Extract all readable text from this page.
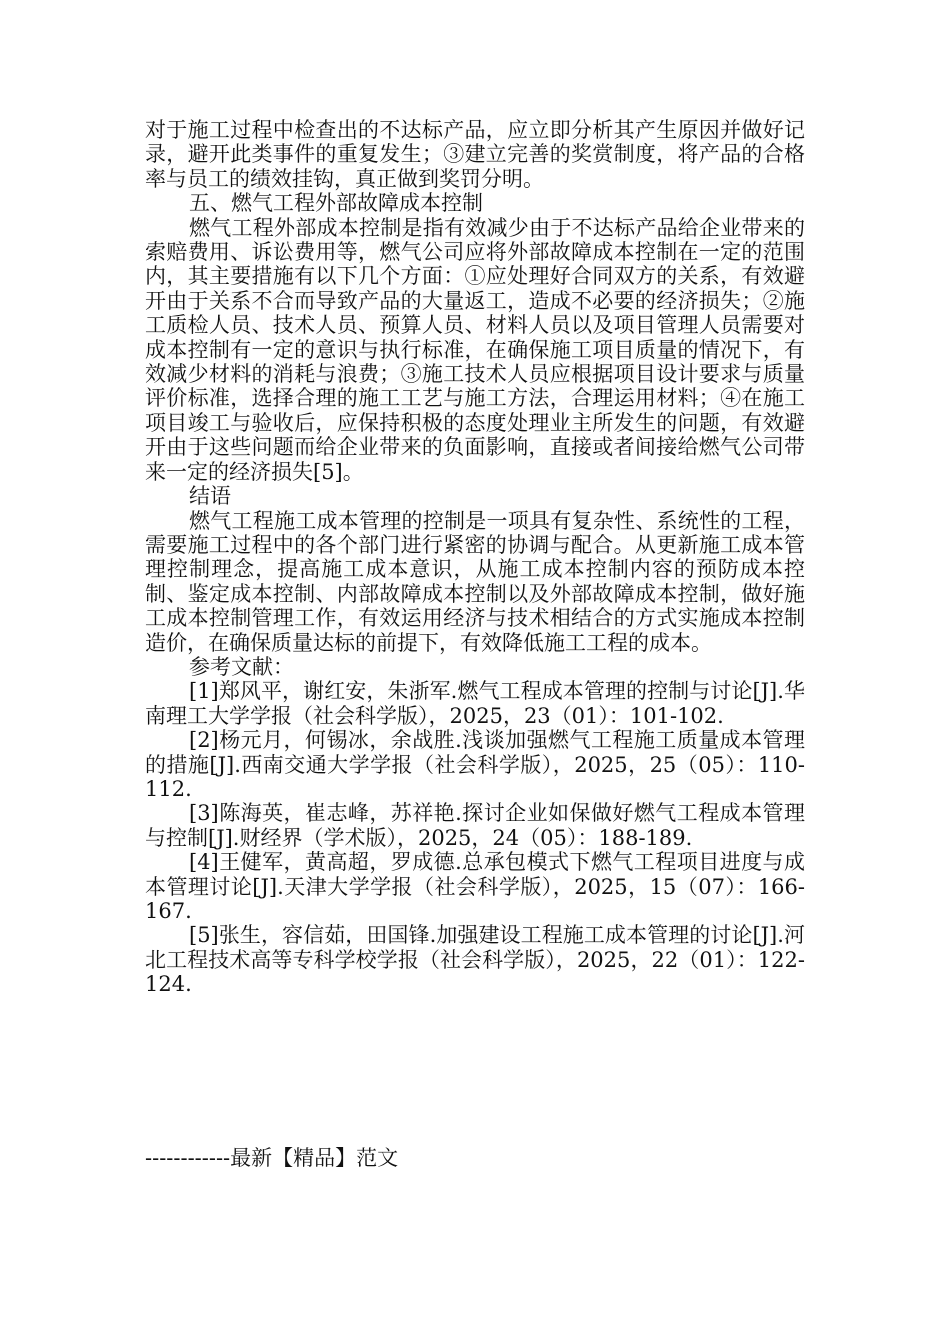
对于施工过程中检查出的不达标产品，应立即分析其产生原因并做好记录，避开此类事件的重复发生；③建立完善的奖赏制度，将产品的合格率与员工的绩效挂钩，真正做到奖罚分明。

五、燃气工程外部故障成本控制

燃气工程外部成本控制是指有效减少由于不达标产品给企业带来的索赔费用、诉讼费用等，燃气公司应将外部故障成本控制在一定的范围内，其主要措施有以下几个方面：①应处理好合同双方的关系，有效避开由于关系不合而导致产品的大量返工，造成不必要的经济损失；②施工质检人员、技术人员、预算人员、材料人员以及项目管理人员需要对成本控制有一定的意识与执行标准，在确保施工项目质量的情况下，有效减少材料的消耗与浪费；③施工技术人员应根据项目设计要求与质量评价标准，选择合理的施工工艺与施工方法，合理运用材料；④在施工项目竣工与验收后，应保持积极的态度处理业主所发生的问题，有效避开由于这些问题而给企业带来的负面影响，直接或者间接给燃气公司带来一定的经济损失[5]。

结语

燃气工程施工成本管理的控制是一项具有复杂性、系统性的工程，需要施工过程中的各个部门进行紧密的协调与配合。从更新施工成本管理控制理念，提高施工成本意识，从施工成本控制内容的预防成本控制、鉴定成本控制、内部故障成本控制以及外部故障成本控制，做好施工成本控制管理工作，有效运用经济与技术相结合的方式实施成本控制造价，在确保质量达标的前提下，有效降低施工工程的成本。

参考文献：

[1]郑风平，谢红安，朱浙军.燃气工程成本管理的控制与讨论[J].华南理工大学学报（社会科学版），2025，23（01）：101-102.

[2]杨元月，何锡冰，余战胜.浅谈加强燃气工程施工质量成本管理的措施[J].西南交通大学学报（社会科学版），2025，25（05）：110-112.

[3]陈海英，崔志峰，苏祥艳.探讨企业如保做好燃气工程成本管理与控制[J].财经界（学术版），2025，24（05）：188-189.

[4]王健军，黄高超，罗成德.总承包模式下燃气工程项目进度与成本管理讨论[J].天津大学学报（社会科学版），2025，15（07）：166-167.

[5]张生，容信茹，田国锋.加强建设工程施工成本管理的讨论[J].河北工程技术高等专科学校学报（社会科学版），2025，22（01）：122-124.

------------最新【精品】范文
